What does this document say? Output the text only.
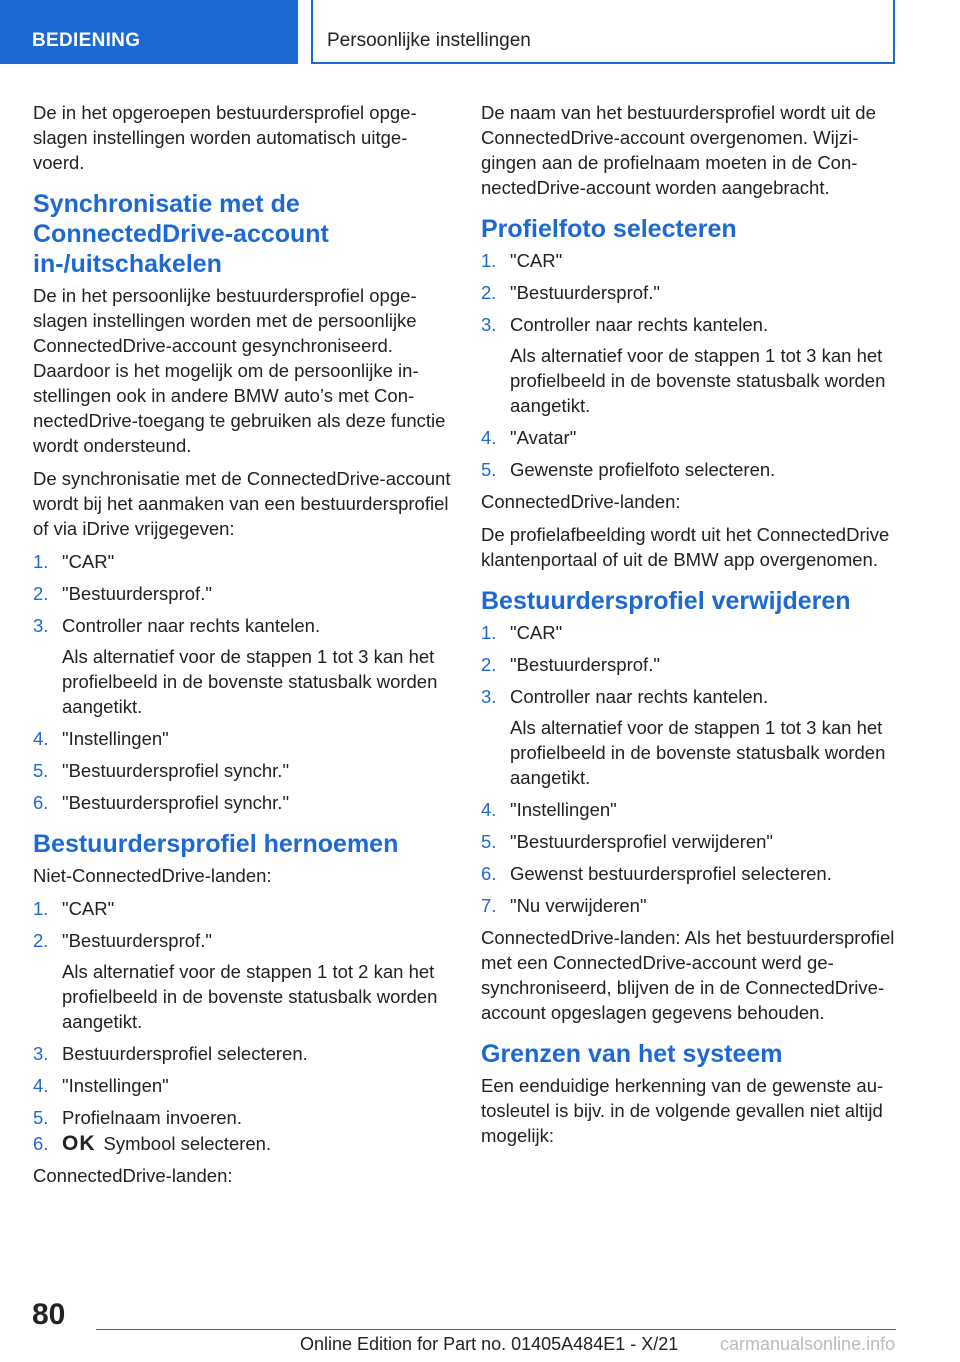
BEDIENING	Persoonlijke instellingen

De in het opgeroepen bestuurdersprofiel opgeslagen instellingen worden automatisch uitgevoerd.

Synchronisatie met de ConnectedDrive-account in-/uitschakelen

De in het persoonlijke bestuurdersprofiel opgeslagen instellingen worden met de persoonlijke ConnectedDrive-account gesynchroniseerd. Daardoor is het mogelijk om de persoonlijke instellingen ook in andere BMW auto’s met ConnectedDrive-toegang te gebruiken als deze functie wordt ondersteund.

De synchronisatie met de ConnectedDrive-account wordt bij het aanmaken van een bestuurdersprofiel of via iDrive vrijgegeven:

1. "CAR"
2. "Bestuurdersprof."
3. Controller naar rechts kantelen.
Als alternatief voor de stappen 1 tot 3 kan het profielbeeld in de bovenste statusbalk worden aangetikt.
4. "Instellingen"
5. "Bestuurdersprofiel synchr."
6. "Bestuurdersprofiel synchr."
Bestuurdersprofiel hernoemen

Niet-ConnectedDrive-landen:

1. "CAR"
2. "Bestuurdersprof."
Als alternatief voor de stappen 1 tot 2 kan het profielbeeld in de bovenste statusbalk worden aangetikt.
3. Bestuurdersprofiel selecteren.
4. "Instellingen"
5. Profielnaam invoeren.
6. OK Symbool selecteren.

ConnectedDrive-landen:

De naam van het bestuurdersprofiel wordt uit de ConnectedDrive-account overgenomen. Wijzigingen aan de profielnaam moeten in de ConnectedDrive-account worden aangebracht.

Profielfoto selecteren
1. "CAR"
2. "Bestuurdersprof."
3. Controller naar rechts kantelen.
Als alternatief voor de stappen 1 tot 3 kan het profielbeeld in de bovenste statusbalk worden aangetikt.
4. "Avatar"
5. Gewenste profielfoto selecteren.

ConnectedDrive-landen:

De profielafbeelding wordt uit het ConnectedDrive klantenportaal of uit de BMW app overgenomen.

Bestuurdersprofiel verwijderen
1. "CAR"
2. "Bestuurdersprof."
3. Controller naar rechts kantelen.
Als alternatief voor de stappen 1 tot 3 kan het profielbeeld in de bovenste statusbalk worden aangetikt.
4. "Instellingen"
5. "Bestuurdersprofiel verwijderen"
6. Gewenst bestuurdersprofiel selecteren.
7. "Nu verwijderen"

ConnectedDrive-landen: Als het bestuurdersprofiel met een ConnectedDrive-account werd gesynchroniseerd, blijven de in de ConnectedDrive-account opgeslagen gegevens behouden.

Grenzen van het systeem

Een eenduidige herkenning van de gewenste autosleutel is bijv. in de volgende gevallen niet altijd mogelijk:

80
Online Edition for Part no. 01405A484E1 - X/21	carmanualsonline.info
